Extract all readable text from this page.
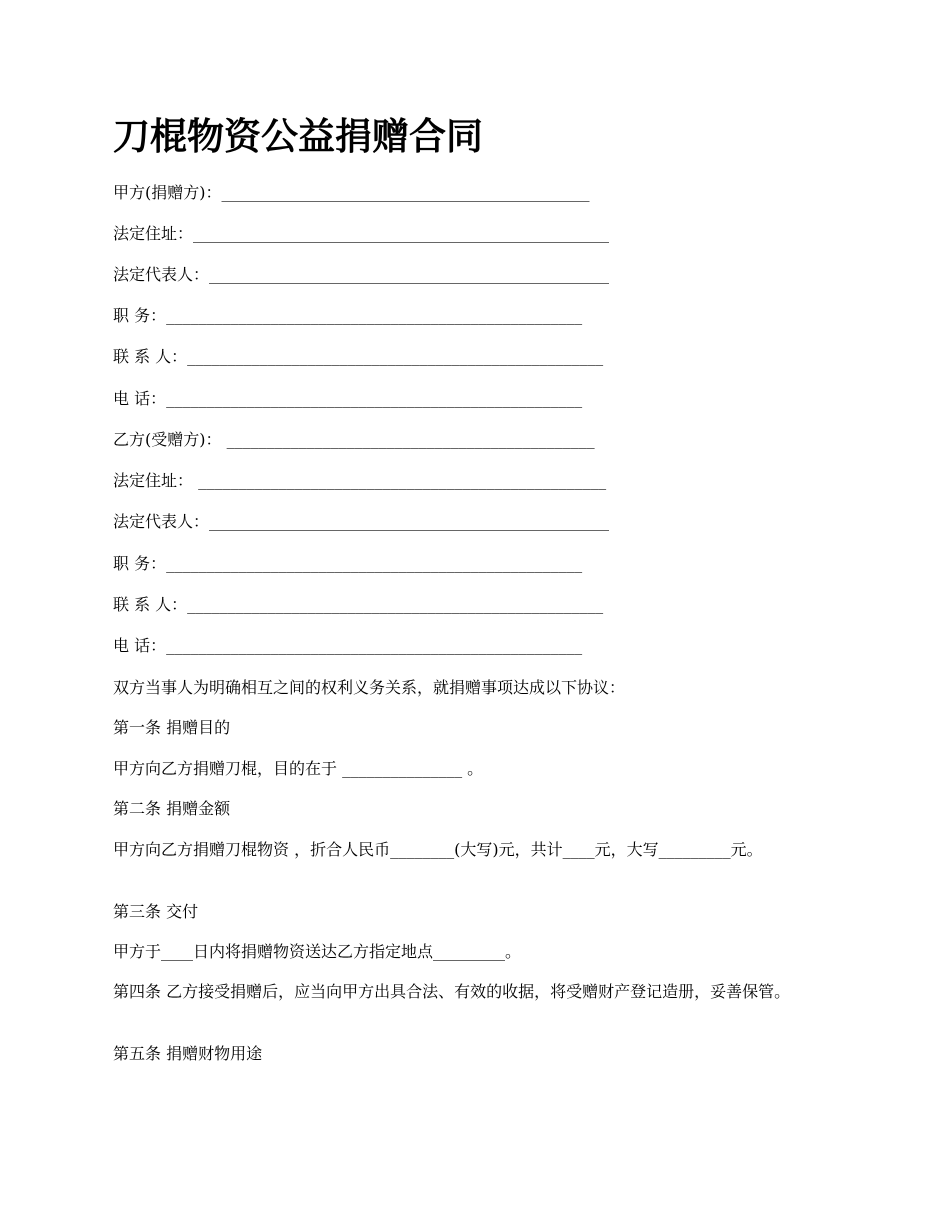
刀棍物资公益捐赠合同
甲方(捐赠方)：______________________________________________
法定住址：____________________________________________________
法定代表人：__________________________________________________
职 务：____________________________________________________
联 系 人：____________________________________________________
电 话：____________________________________________________
乙方(受赠方)： ______________________________________________
法定住址： ___________________________________________________
法定代表人：__________________________________________________
职 务：____________________________________________________
联 系 人：____________________________________________________
电 话：____________________________________________________
双方当事人为明确相互之间的权利义务关系，就捐赠事项达成以下协议：
第一条 捐赠目的
甲方向乙方捐赠刀棍，目的在于 _______________ 。
第二条 捐赠金额
甲方向乙方捐赠刀棍物资 ，折合人民币________(大写)元，共计____元，大写_________元。
第三条 交付
甲方于____日内将捐赠物资送达乙方指定地点_________。
第四条 乙方接受捐赠后，应当向甲方出具合法、有效的收据，将受赠财产登记造册，妥善保管。
第五条 捐赠财物用途
